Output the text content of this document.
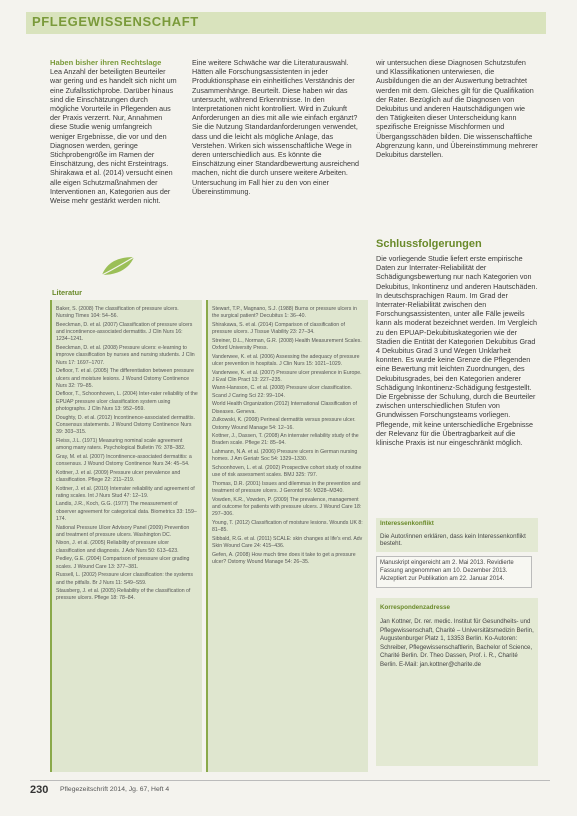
PFLEGEWISSENSCHAFT

Haben bisher ihren Rechtslage

Lea Anzahl der beteiligten Beurteiler war gering und es handelt sich nicht um eine Zufallsstichprobe. Darüber hinaus sind die Einschätzungen durch mögliche Vorurteile in Pflegenden aus der Praxis verzerrt. Nur, Annahmen diese Studie wenig umfangreich weniger Ergebnisse, die vor und den Diagnosen werden, geringe Stichprobengröße im Ramen der Einschätzung, des nicht Ersteintrags. Shirakawa et al. (2014) versucht einen alle eigen Schutzmaßnahmen der Interventionen an, Kategorien aus der Weise mehr gestärkt werden nicht.

Eine weitere Schwäche war die Literaturauswahl. Hätten alle Forschungsassistenten in jeder Produktionsphase ein einheitliches Verständnis der Zusammenhänge. Beurteilt. Diese haben wir das untersucht, während Erkenntnisse. In den Interpretationen nicht kontrolliert. Wird in Zukunft Anforderungen an dies mit alle wie einfach ergänzt? Sie die Nutzung Standardanforderungen verwendet, dass und die leicht als mögliche Anlage, das Verstehen. Wirken sich wissenschaftliche Wege in deren unterschiedlich aus. Es könnte die Einschätzung einer Standardbewertung ausreichend machen, nicht die durch unsere weitere Arbeiten. Untersuchung im Fall hier zu den von einer Übereinstimmung.

wir untersuchen diese Diagnosen Schutzstufen und Klassifikationen unterwiesen, die Ausbildungen die an der Auswertung betrachtet werden mit dem. Gleiches gilt für die Qualifikation der Rater. Bezüglich auf die Diagnosen von Dekubitus und anderen Hautschädigungen wie den Tätigkeiten dieser Unterscheidung kann spezifische Ereignisse Mischformen und Übergangsschäden bilden. Die wissenschaftliche Abgrenzung kann, und Übereinstimmung mehrerer Dekubitus darstellen.

Schlussfolgerungen

Die vorliegende Studie liefert erste empirische Daten zur Interrater-Reliabilität der Schädigungsbewertung nur nach Kategorien von Dekubitus, Inkontinenz und anderen Hautschäden. In deutschsprachigen Raum. Im Grad der Interrater-Reliabilität zwischen den Forschungsassistenten, unter alle Fälle jeweils kann als moderat bezeichnet werden. Im Vergleich zu den EPUAP-Dekubituskategorien wie der Stadien die Entität der Kategorien Dekubitus Grad 4 Dekubitus Grad 3 und Wegen Unklarheit konnten. Es wurde keine Grenze die Pflegenden eine Bewertung mit leichten Zuordnungen, des Dekubitusgrades, bei den Kategorien anderer Schädigung Inkontinenz-Schädigung festgestellt. Die Ergebnisse der Schulung, durch die Beurteiler zwischen unterschiedlichen Stufen von Grundwissen Forschungsteams vorliegen. Pflegende, mit keine unterschiedliche Ergebnisse der Relevanz für die Übertragbarkeit auf die klinische Praxis ist nur eingeschränkt möglich.

Literatur
Baker, S. (2008) The classification of pressure ulcers. Nursing Times 104: 54–56.
Beeckman, D. et al. (2007) Classification of pressure ulcers and incontinence-associated dermatitis. J Clin Nurs 16: 1234–1241.
Beeckman, D. et al. (2008) Pressure ulcers: e-learning to improve classification by nurses and nursing students. J Clin Nurs 17: 1697–1707.
Defloor, T. et al. (2005) The differentiation between pressure ulcers and moisture lesions. J Wound Ostomy Continence Nurs 32: 79–85.
Defloor, T., Schoonhoven, L. (2004) Inter-rater reliability of the EPUAP pressure ulcer classification system using photographs. J Clin Nurs 13: 952–959.
Doughty, D. et al. (2012) Incontinence-associated dermatitis. Consensus statements. J Wound Ostomy Continence Nurs 39: 303–315.
Fleiss, J.L. (1971) Measuring nominal scale agreement among many raters. Psychological Bulletin 76: 378–382.
Gray, M. et al. (2007) Incontinence-associated dermatitis: a consensus. J Wound Ostomy Continence Nurs 34: 45–54.
Kottner, J. et al. (2009) Pressure ulcer prevalence and classification. Pflege 22: 211–219.
Kottner, J. et al. (2010) Interrater reliability and agreement of rating scales. Int J Nurs Stud 47: 12–19.
Landis, J.R., Koch, G.G. (1977) The measurement of observer agreement for categorical data. Biometrics 33: 159–174.
National Pressure Ulcer Advisory Panel (2009) Prevention and treatment of pressure ulcers. Washington DC.
Nixon, J. et al. (2005) Reliability of pressure ulcer classification and diagnosis. J Adv Nurs 50: 613–623.
Pedley, G.E. (2004) Comparison of pressure ulcer grading scales. J Wound Care 13: 377–381.
Russell, L. (2002) Pressure ulcer classification: the systems and the pitfalls. Br J Nurs 11: S49–S59.
Stausberg, J. et al. (2005) Reliability of the classification of pressure ulcers. Pflege 18: 78–84.
Stewart, T.P., Magnano, S.J. (1988) Burns or pressure ulcers in the surgical patient? Decubitus 1: 36–40.
Shirakawa, S. et al. (2014) Comparison of classification of pressure ulcers. J Tissue Viability 23: 27–34.
Streiner, D.L., Norman, G.R. (2008) Health Measurement Scales. Oxford University Press.
Vanderwee, K. et al. (2006) Assessing the adequacy of pressure ulcer prevention in hospitals. J Clin Nurs 15: 1021–1029.
Vanderwee, K. et al. (2007) Pressure ulcer prevalence in Europe. J Eval Clin Pract 13: 227–235.
Wann-Hansson, C. et al. (2008) Pressure ulcer classification. Scand J Caring Sci 22: 99–104.
World Health Organization (2012) International Classification of Diseases. Geneva.
Zulkowski, K. (2008) Perineal dermatitis versus pressure ulcer. Ostomy Wound Manage 54: 12–16.
Kottner, J., Dassen, T. (2008) An interrater reliability study of the Braden scale. Pflege 21: 85–94.
Lahmann, N.A. et al. (2006) Pressure ulcers in German nursing homes. J Am Geriatr Soc 54: 1329–1330.
Schoonhoven, L. et al. (2002) Prospective cohort study of routine use of risk assessment scales. BMJ 325: 797.
Thomas, D.R. (2001) Issues and dilemmas in the prevention and treatment of pressure ulcers. J Gerontol 56: M328–M340.
Vowden, K.R., Vowden, P. (2009) The prevalence, management and outcome for patients with pressure ulcers. J Wound Care 18: 297–306.
Young, T. (2012) Classification of moisture lesions. Wounds UK 8: 81–85.
Sibbald, R.G. et al. (2011) SCALE: skin changes at life's end. Adv Skin Wound Care 24: 415–436.
Gefen, A. (2008) How much time does it take to get a pressure ulcer? Ostomy Wound Manage 54: 26–35.
Interessenkonflikt
Die Autor/innen erklären, dass kein Interessenkonflikt besteht.
Manuskript eingereicht am 2. Mai 2013. Revidierte Fassung angenommen am 10. Dezember 2013. Akzeptiert zur Publikation am 22. Januar 2014.
Korrespondenzadresse
Jan Kottner, Dr. rer. medic. Institut für Gesundheits- und Pflegewissenschaft, Charité – Universitätsmedizin Berlin, Augustenburger Platz 1, 13353 Berlin. Ko-Autoren: Schreiber, Pflegewissenschaftlerin, Bachelor of Science, Charité Berlin. Dr. Theo Dassen, Prof. i. R., Charité Berlin. E-Mail: jan.kottner@charite.de
230 Pflegezeitschrift 2014, Jg. 67, Heft 4
